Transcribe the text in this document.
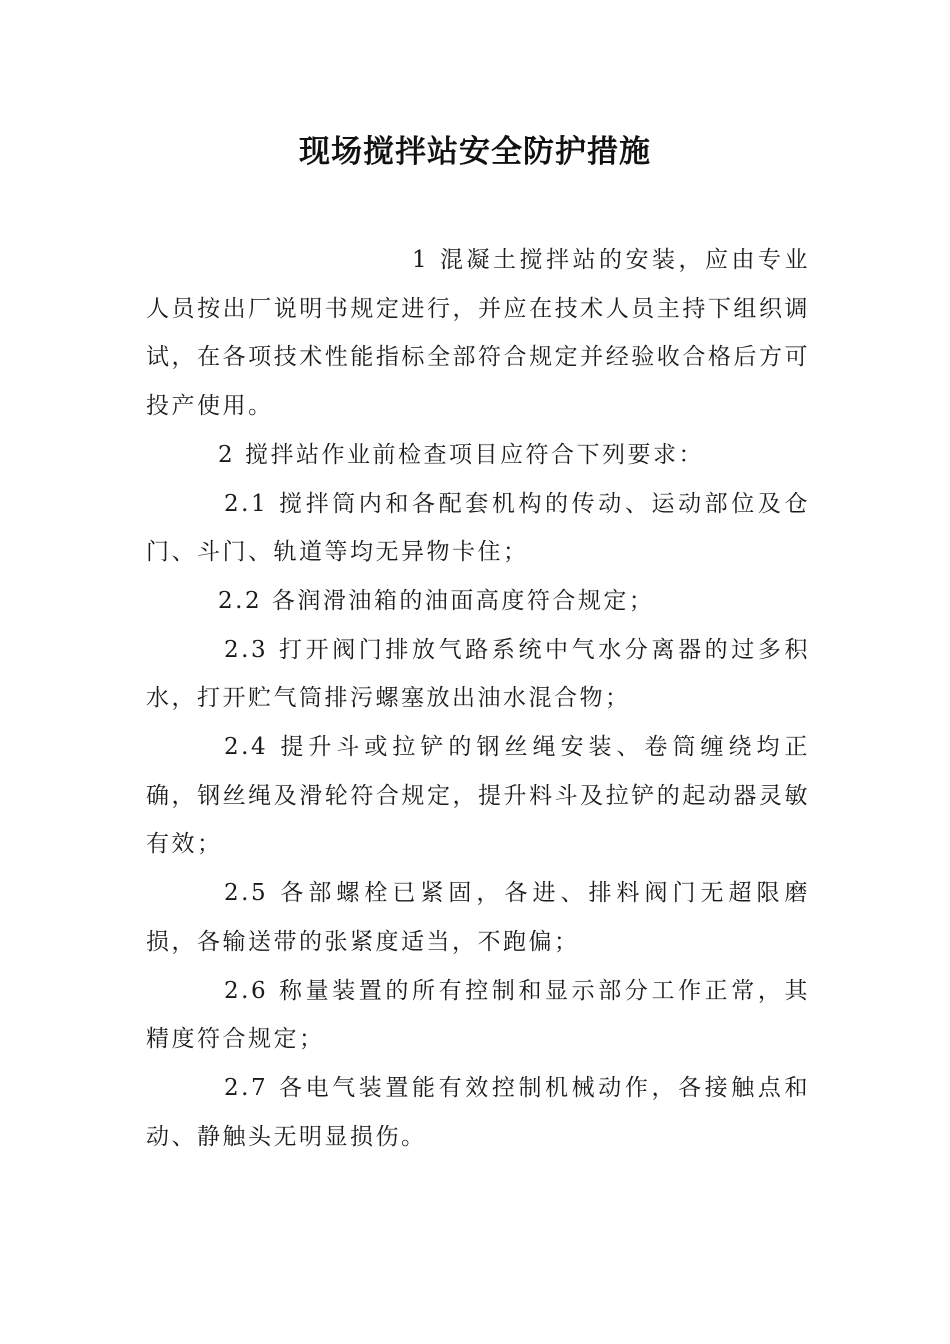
现场搅拌站安全防护措施

1 混凝土搅拌站的安装，应由专业人员按出厂说明书规定进行，并应在技术人员主持下组织调试，在各项技术性能指标全部符合规定并经验收合格后方可投产使用。

2 搅拌站作业前检查项目应符合下列要求：

2.1 搅拌筒内和各配套机构的传动、运动部位及仓门、斗门、轨道等均无异物卡住；

2.2 各润滑油箱的油面高度符合规定；

2.3 打开阀门排放气路系统中气水分离器的过多积水，打开贮气筒排污螺塞放出油水混合物；

2.4 提升斗或拉铲的钢丝绳安装、卷筒缠绕均正确，钢丝绳及滑轮符合规定，提升料斗及拉铲的起动器灵敏有效；

2.5 各部螺栓已紧固，各进、排料阀门无超限磨损，各输送带的张紧度适当，不跑偏；

2.6 称量装置的所有控制和显示部分工作正常，其精度符合规定；

2.7 各电气装置能有效控制机械动作，各接触点和动、静触头无明显损伤。
